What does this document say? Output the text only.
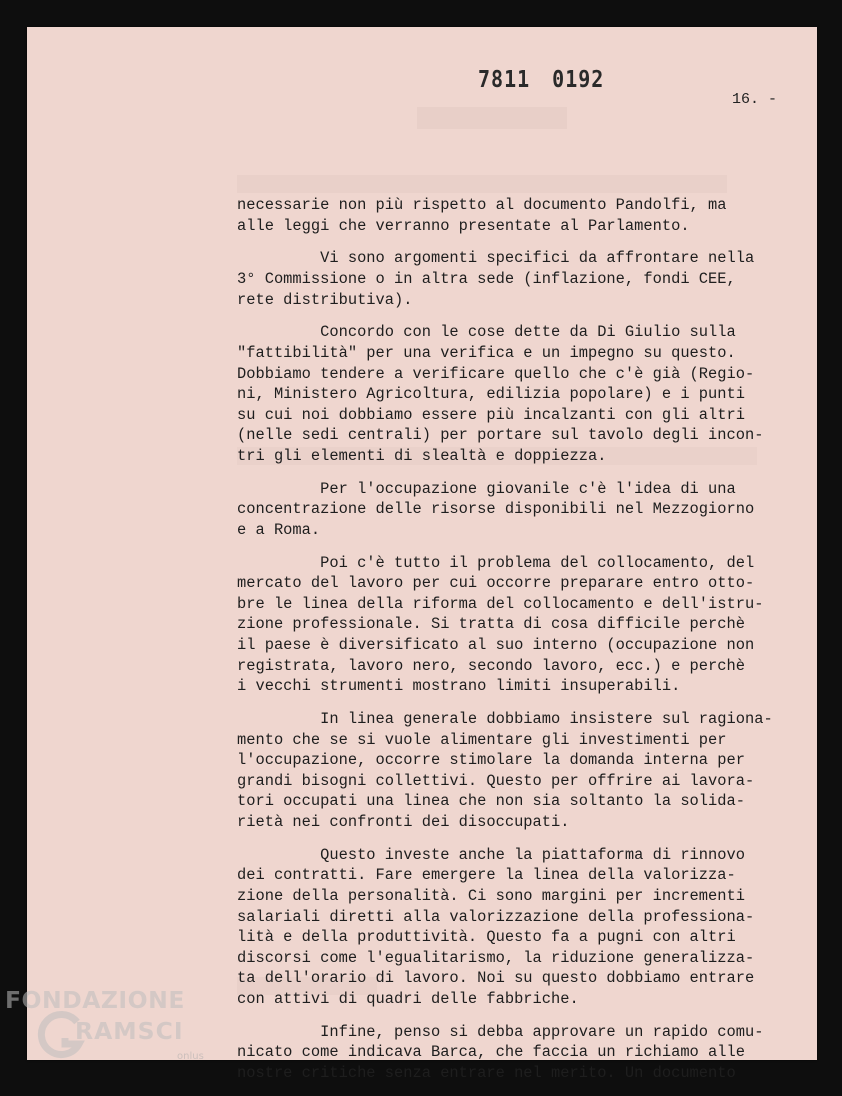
7811 0192
16. -
necessarie non più rispetto al documento Pandolfi, ma
alle leggi che verranno presentate al Parlamento.
Vi sono argomenti specifici da affrontare nella
3° Commissione o in altra sede (inflazione, fondi CEE,
rete distributiva).
Concordo con le cose dette da Di Giulio sulla
"fattibilità" per una verifica e un impegno su questo.
Dobbiamo tendere a verificare quello che c'è già (Regio-
ni, Ministero Agricoltura, edilizia popolare) e i punti
su cui noi dobbiamo essere più incalzanti con gli altri
(nelle sedi centrali) per portare sul tavolo degli incon-
tri gli elementi di slealtà e doppiezza.
Per l'occupazione giovanile c'è l'idea di una
concentrazione delle risorse disponibili nel Mezzogiorno
e a Roma.
Poi c'è tutto il problema del collocamento, del
mercato del lavoro per cui occorre preparare entro otto-
bre le linea della riforma del collocamento e dell'istru-
zione professionale. Si tratta di cosa difficile perchè
il paese è diversificato al suo interno (occupazione non
registrata, lavoro nero, secondo lavoro, ecc.) e perchè
i vecchi strumenti mostrano limiti insuperabili.
In linea generale dobbiamo insistere sul ragiona-
mento che se si vuole alimentare gli investimenti per
l'occupazione, occorre stimolare la domanda interna per
grandi bisogni collettivi. Questo per offrire ai lavora-
tori occupati una linea che non sia soltanto la solida-
rietà nei confronti dei disoccupati.
Questo investe anche la piattaforma di rinnovo
dei contratti. Fare emergere la linea della valorizza-
zione della personalità. Ci sono margini per incrementi
salariali diretti alla valorizzazione della professiona-
lità e della produttività. Questo fa a pugni con altri
discorsi come l'egualitarismo, la riduzione generalizza-
ta dell'orario di lavoro. Noi su questo dobbiamo entrare
con attivi di quadri delle fabbriche.
Infine, penso si debba approvare un rapido comu-
nicato come indicava Barca, che faccia un richiamo alle
nostre critiche senza entrare nel merito. Un documento
FONDAZIONE
RAMSCI
onlus
